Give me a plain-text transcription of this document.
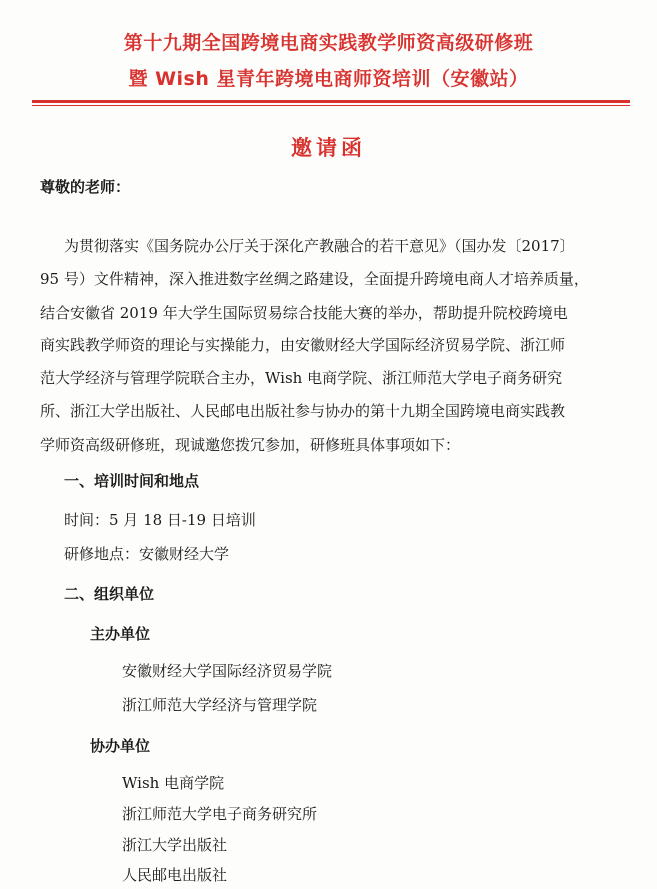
第十九期全国跨境电商实践教学师资高级研修班
暨 Wish 星青年跨境电商师资培训（安徽站）
邀请函
尊敬的老师：
为贯彻落实《国务院办公厅关于深化产教融合的若干意见》（国办发〔2017〕
95 号）文件精神，深入推进数字丝绸之路建设，全面提升跨境电商人才培养质量，
结合安徽省 2019 年大学生国际贸易综合技能大赛的举办，帮助提升院校跨境电
商实践教学师资的理论与实操能力，由安徽财经大学国际经济贸易学院、浙江师
范大学经济与管理学院联合主办，Wish 电商学院、浙江师范大学电子商务研究
所、浙江大学出版社、人民邮电出版社参与协办的第十九期全国跨境电商实践教
学师资高级研修班，现诚邀您拨冗参加，研修班具体事项如下：
一、培训时间和地点
时间：5 月 18 日-19 日培训
研修地点：安徽财经大学
二、组织单位
主办单位
安徽财经大学国际经济贸易学院
浙江师范大学经济与管理学院
协办单位
Wish 电商学院
浙江师范大学电子商务研究所
浙江大学出版社
人民邮电出版社
